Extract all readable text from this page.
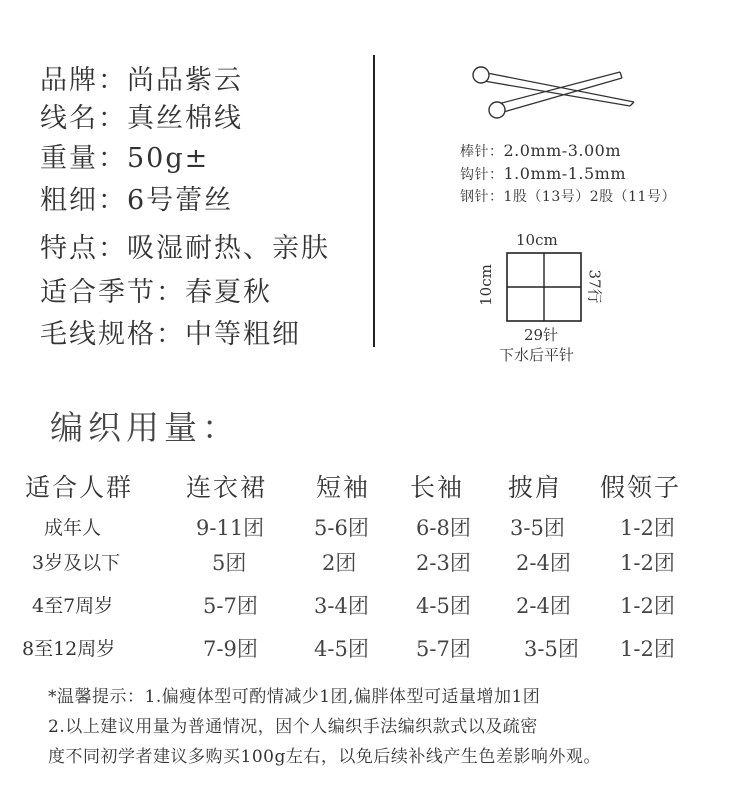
品牌：尚品紫云
线名：真丝棉线
重量：50g±
粗细：6号蕾丝
特点：吸湿耐热、亲肤
适合季节：春夏秋
毛线规格：中等粗细
棒针：2.0mm-3.00m
钩针：1.0mm-1.5mm
钢针：1股（13号）2股（11号）
10cm
10cm	37行
29针
下水后平针
编织用量：
适合人群 连衣裙 短袖 长袖 披肩 假领子
成年人	9-11团 5-6团 6-8团 3-5团	1-2团
3岁及以下	5团	2团	2-3团 2-4团 1-2团
4至7周岁	5-7团	3-4团 4-5团 2-4团 1-2团
8至12周岁	7-9团	4-5团 5-7团	3-5团 1-2团
*温馨提示：1.偏瘦体型可酌情减少1团,偏胖体型可适量增加1团
2.以上建议用量为普通情况，因个人编织手法编织款式以及疏密
度不同初学者建议多购买100g左右，以免后续补线产生色差影响外观。
